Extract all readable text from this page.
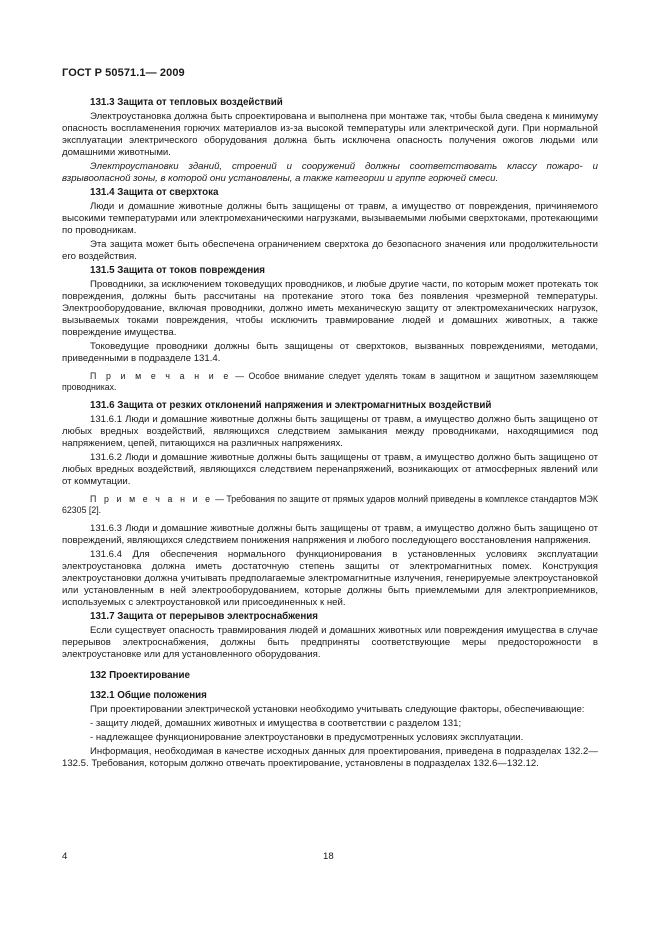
ГОСТ Р 50571.1— 2009
131.3 Защита от тепловых воздействий

Электроустановка должна быть спроектирована и выполнена при монтаже так, чтобы была сведена к минимуму опасность воспламенения горючих материалов из-за высокой температуры или электрической дуги. При нормальной эксплуатации электрического оборудования должна быть исключена опасность получения ожогов людьми или домашними животными.

Электроустановки зданий, строений и сооружений должны соответствовать классу пожаро- и взрывоопасной зоны, в которой они установлены, а также категории и группе горючей смеси.

131.4 Защита от сверхтока

Люди и домашние животные должны быть защищены от травм, а имущество от повреждения, причиняемого высокими температурами или электромеханическими нагрузками, вызываемыми любыми сверхтоками, протекающими по проводникам.

Эта защита может быть обеспечена ограничением сверхтока до безопасного значения или продолжительности его воздействия.

131.5 Защита от токов повреждения

Проводники, за исключением токоведущих проводников, и любые другие части, по которым может протекать ток повреждения, должны быть рассчитаны на протекание этого тока без появления чрезмерной температуры. Электрооборудование, включая проводники, должно иметь механическую защиту от электромеханических нагрузок, вызываемых токами повреждения, чтобы исключить травмирование людей и домашних животных, а также повреждение имущества.

Токоведущие проводники должны быть защищены от сверхтоков, вызванных повреждениями, методами, приведенными в подразделе 131.4.

П р и м е ч а н и е — Особое внимание следует уделять токам в защитном и защитном заземляющем проводниках.

131.6 Защита от резких отклонений напряжения и электромагнитных воздействий

131.6.1 Люди и домашние животные должны быть защищены от травм, а имущество должно быть защищено от любых вредных воздействий, являющихся следствием замыкания между проводниками, находящимися под напряжением, цепей, питающихся на различных напряжениях.

131.6.2 Люди и домашние животные должны быть защищены от травм, а имущество должно быть защищено от любых вредных воздействий, являющихся следствием перенапряжений, возникающих от атмосферных явлений или от коммутации.

П р и м е ч а н и е — Требования по защите от прямых ударов молний приведены в комплексе стандартов МЭК 62305 [2].

131.6.3 Люди и домашние животные должны быть защищены от травм, а имущество должно быть защищено от повреждений, являющихся следствием понижения напряжения и любого последующего восстановления напряжения.

131.6.4 Для обеспечения нормального функционирования в установленных условиях эксплуатации электроустановка должна иметь достаточную степень защиты от электромагнитных помех. Конструкция электроустановки должна учитывать предполагаемые электромагнитные излучения, генерируемые электроустановкой или установленным в ней электрооборудованием, которые должны быть приемлемыми для электроприемников, используемых с электроустановкой или присоединенных к ней.

131.7 Защита от перерывов электроснабжения

Если существует опасность травмирования людей и домашних животных или повреждения имущества в случае перерывов электроснабжения, должны быть предприняты соответствующие меры предосторожности в электроустановке или для установленного оборудования.

132 Проектирование
132.1 Общие положения

При проектировании электрической установки необходимо учитывать следующие факторы, обеспечивающие:

- защиту людей, домашних животных и имущества в соответствии с разделом 131;

- надлежащее функционирование электроустановки в предусмотренных условиях эксплуатации.

Информация, необходимая в качестве исходных данных для проектирования, приведена в подразделах 132.2—132.5. Требования, которым должно отвечать проектирование, установлены в подразделах 132.6—132.12.

4	18
